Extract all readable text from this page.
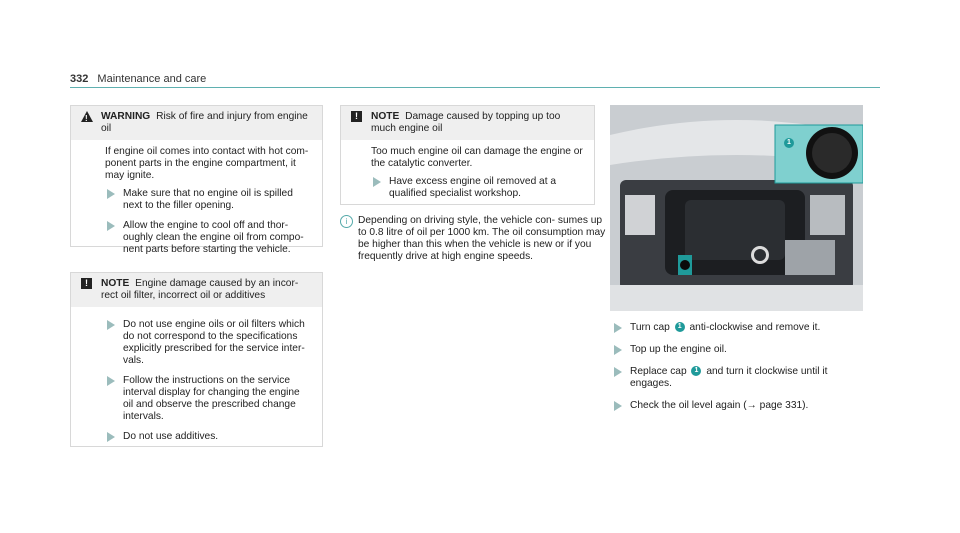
332 Maintenance and care
! WARNING Risk of fire and injury from engine oil

If engine oil comes into contact with hot com- ponent parts in the engine compartment, it may ignite.

Make sure that no engine oil is spilled next to the filler opening.
Allow the engine to cool off and thor- oughly clean the engine oil from compo- nent parts before starting the vehicle.
!	NOTE Engine damage caused by an incor- rect oil filter, incorrect oil or additives
Do not use engine oils or oil filters which do not correspond to the specifications explicitly prescribed for the service inter- vals.
Follow the instructions on the service interval display for changing the engine oil and observe the prescribed change intervals.
Do not use additives.
!	NOTE Damage caused by topping up too much engine oil

Too much engine oil can damage the engine or the catalytic converter.

Have excess engine oil removed at a qualified specialist workshop.
i	Depending on driving style, the vehicle con- sumes up to 0.8 litre of oil per 1000 km. The oil consumption may be higher than this when the vehicle is new or if you frequently drive at high engine speeds.
1
Turn cap 1 anti-clockwise and remove it.
Top up the engine oil.
Replace cap 1 and turn it clockwise until it engages.
Check the oil level again (→ page 331).
